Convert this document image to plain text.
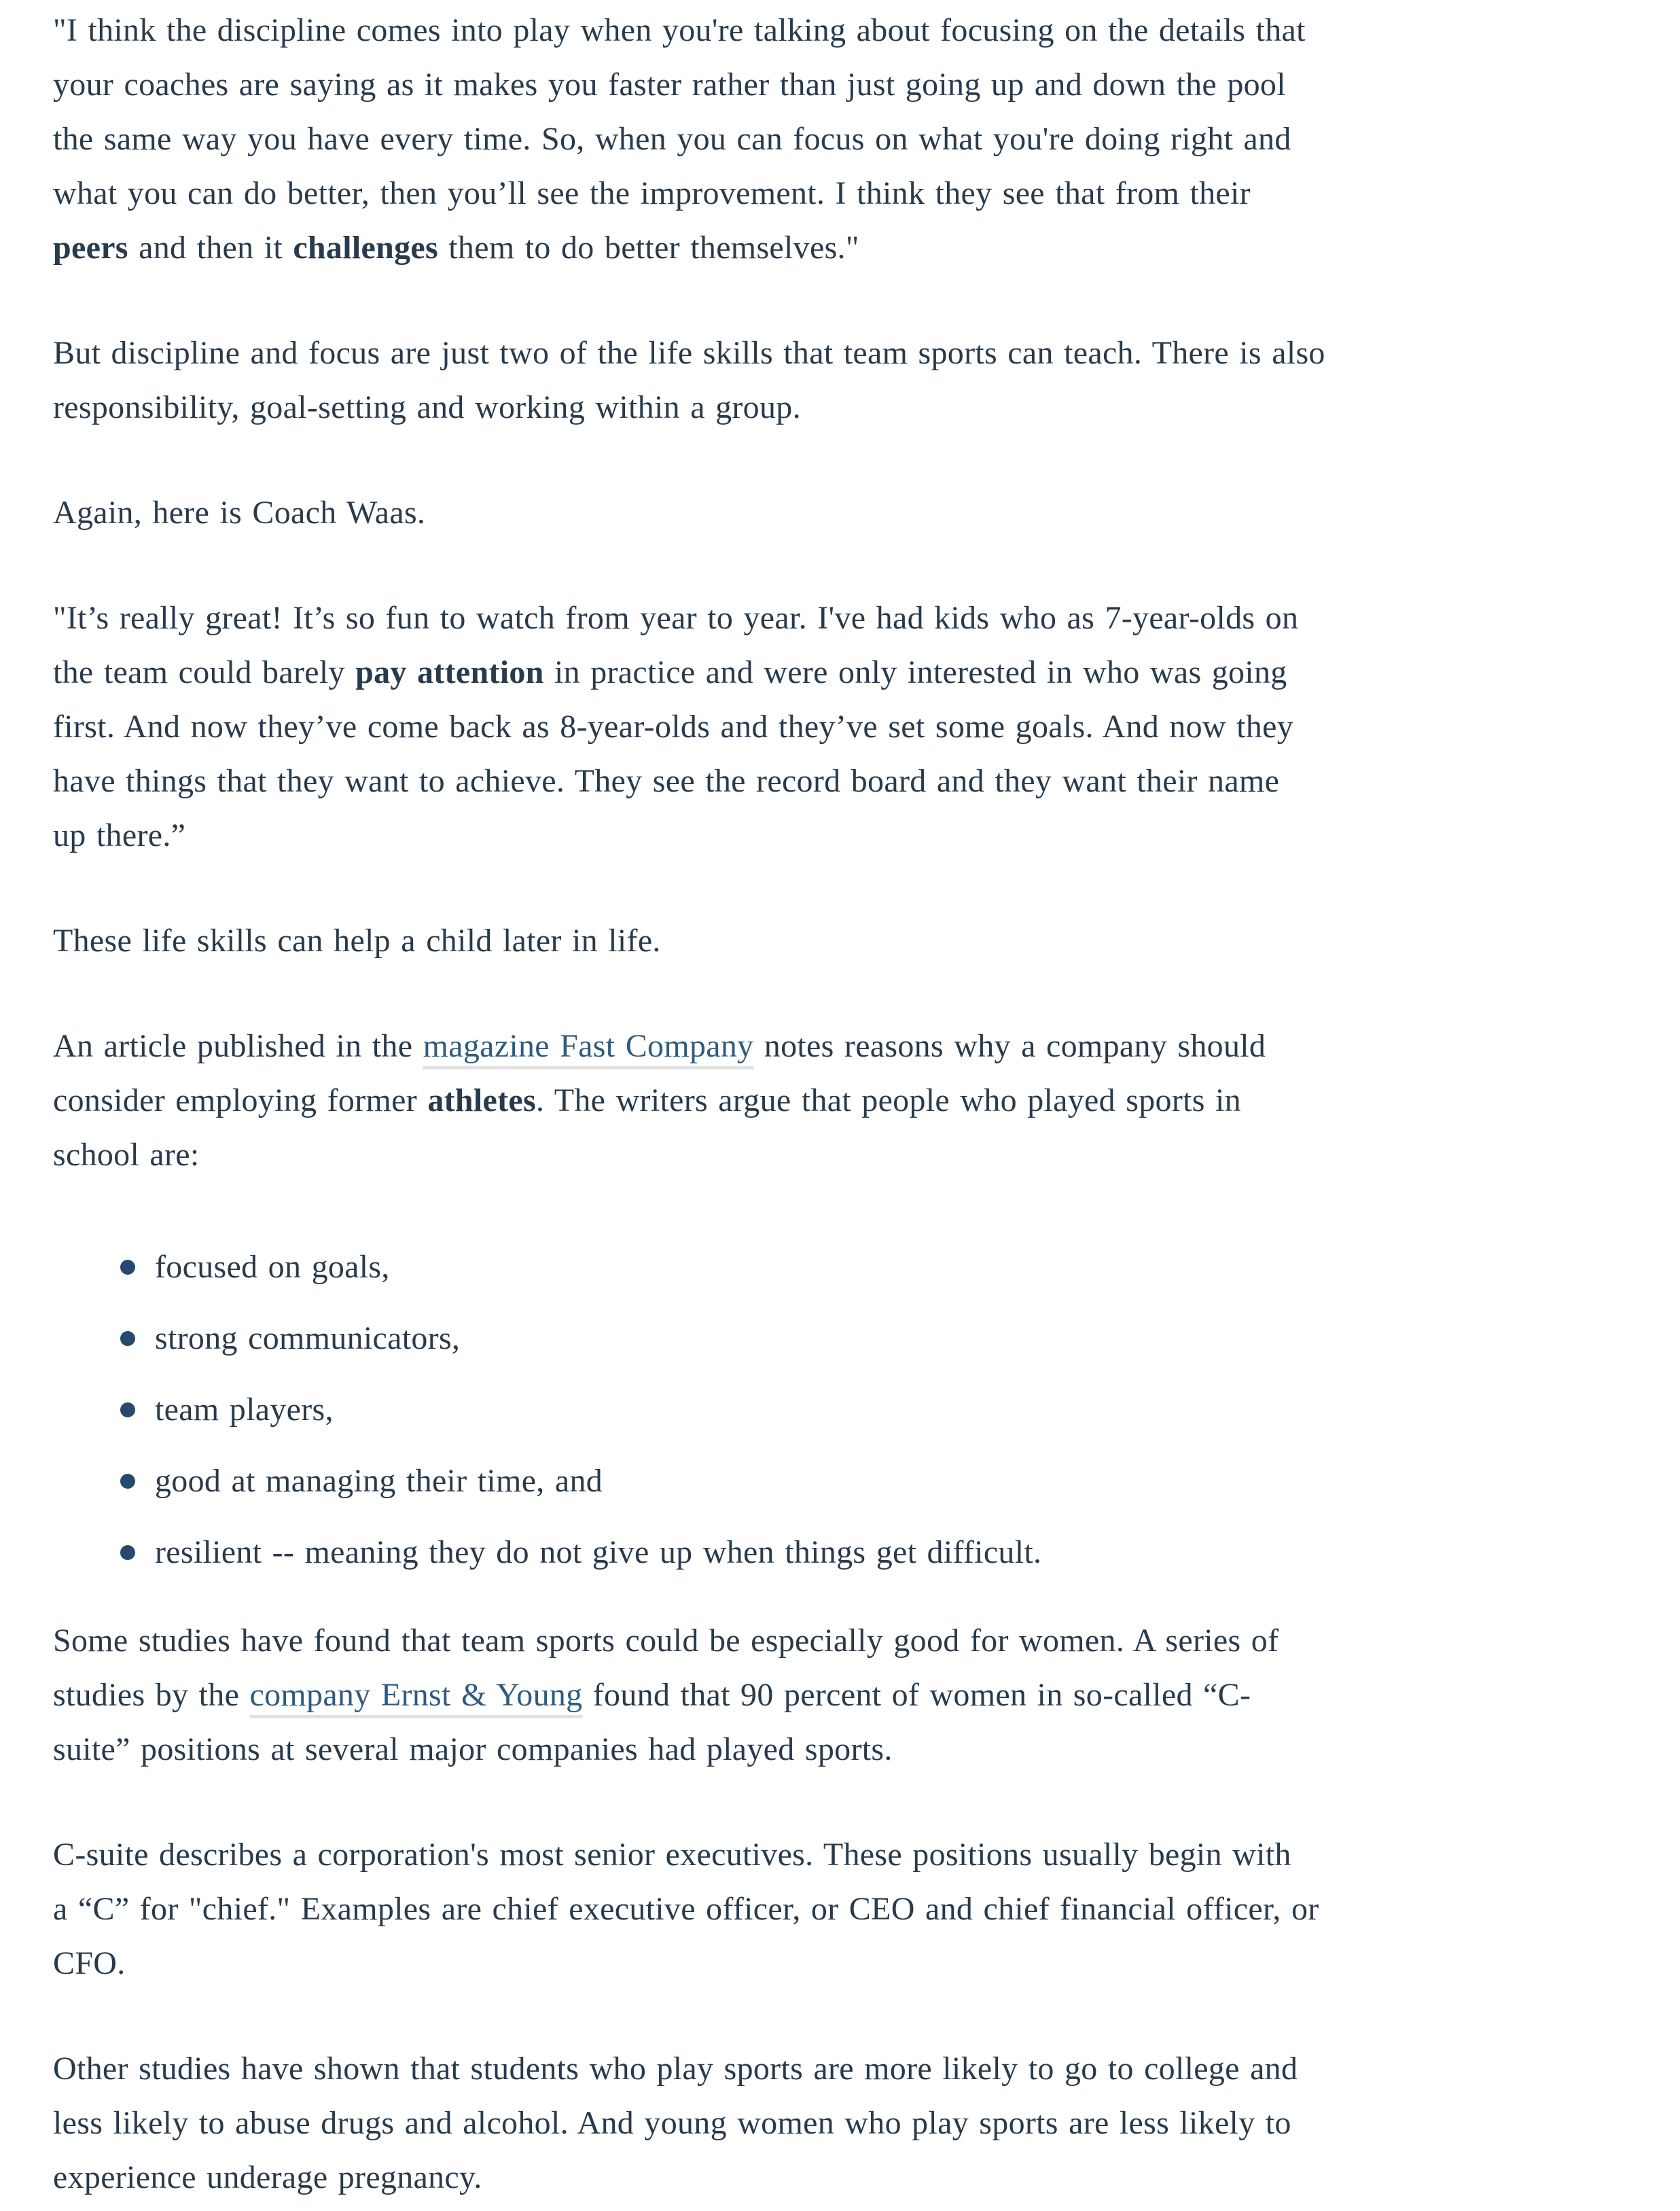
"I think the discipline comes into play when you're talking about focusing on the details that
your coaches are saying as it makes you faster rather than just going up and down the pool
the same way you have every time. So, when you can focus on what you're doing right and
what you can do better, then you’ll see the improvement. I think they see that from their
peers and then it challenges them to do better themselves."

But discipline and focus are just two of the life skills that team sports can teach. There is also
responsibility, goal-setting and working within a group.

Again, here is Coach Waas.

"It’s really great! It’s so fun to watch from year to year. I've had kids who as 7-year-olds on
the team could barely pay attention in practice and were only interested in who was going
first. And now they’ve come back as 8-year-olds and they’ve set some goals. And now they
have things that they want to achieve. They see the record board and they want their name
up there.”

These life skills can help a child later in life.

An article published in the magazine Fast Company notes reasons why a company should
consider employing former athletes. The writers argue that people who played sports in
school are:

focused on goals,
strong communicators,
team players,
good at managing their time, and
resilient -- meaning they do not give up when things get difficult.

Some studies have found that team sports could be especially good for women. A series of
studies by the company Ernst & Young found that 90 percent of women in so-called “C-
suite” positions at several major companies had played sports.

C-suite describes a corporation's most senior executives. These positions usually begin with
a “C” for "chief." Examples are chief executive officer, or CEO and chief financial officer, or
CFO.

Other studies have shown that students who play sports are more likely to go to college and
less likely to abuse drugs and alcohol. And young women who play sports are less likely to
experience underage pregnancy.
